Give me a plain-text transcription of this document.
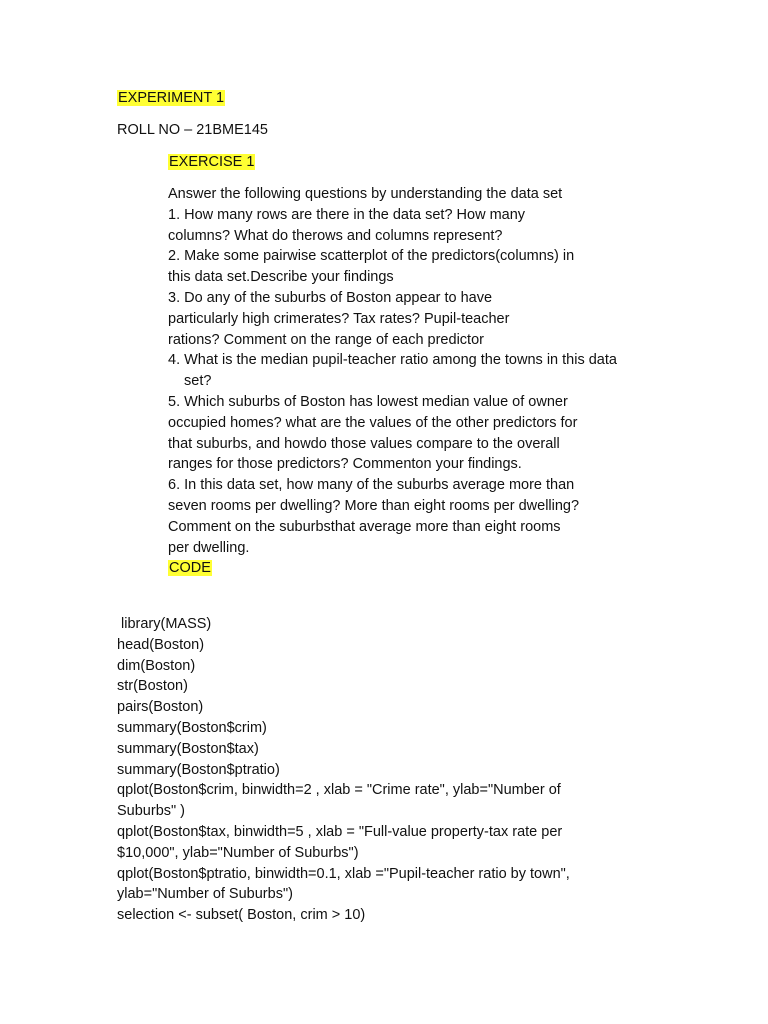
EXPERIMENT 1
ROLL NO – 21BME145
EXERCISE 1
Answer the following questions by understanding the data set
1. How many rows are there in the data set? How many
columns? What do therows and columns represent?
2. Make some pairwise scatterplot of the predictors(columns) in
this data set.Describe your findings
3. Do any of the suburbs of Boston appear to have
particularly high crimerates? Tax rates? Pupil-teacher
rations? Comment on the range of each predictor
4. What is the median pupil-teacher ratio among the towns in this data
set?
5. Which suburbs of Boston has lowest median value of owner
occupied homes? what are the values of the other predictors for
that suburbs, and howdo those values compare to the overall
ranges for those predictors? Commenton your findings.
6. In this data set, how many of the suburbs average more than
seven rooms per dwelling? More than eight rooms per dwelling?
Comment on the suburbsthat average more than eight rooms
per dwelling.
CODE
library(MASS)
head(Boston)
dim(Boston)
str(Boston)
pairs(Boston)
summary(Boston$crim)
summary(Boston$tax)
summary(Boston$ptratio)
qplot(Boston$crim, binwidth=2 , xlab = "Crime rate", ylab="Number of
Suburbs" )
qplot(Boston$tax, binwidth=5 , xlab = "Full-value property-tax rate per
$10,000", ylab="Number of Suburbs")
qplot(Boston$ptratio, binwidth=0.1, xlab ="Pupil-teacher ratio by town",
ylab="Number of Suburbs")
selection <- subset( Boston, crim > 10)
